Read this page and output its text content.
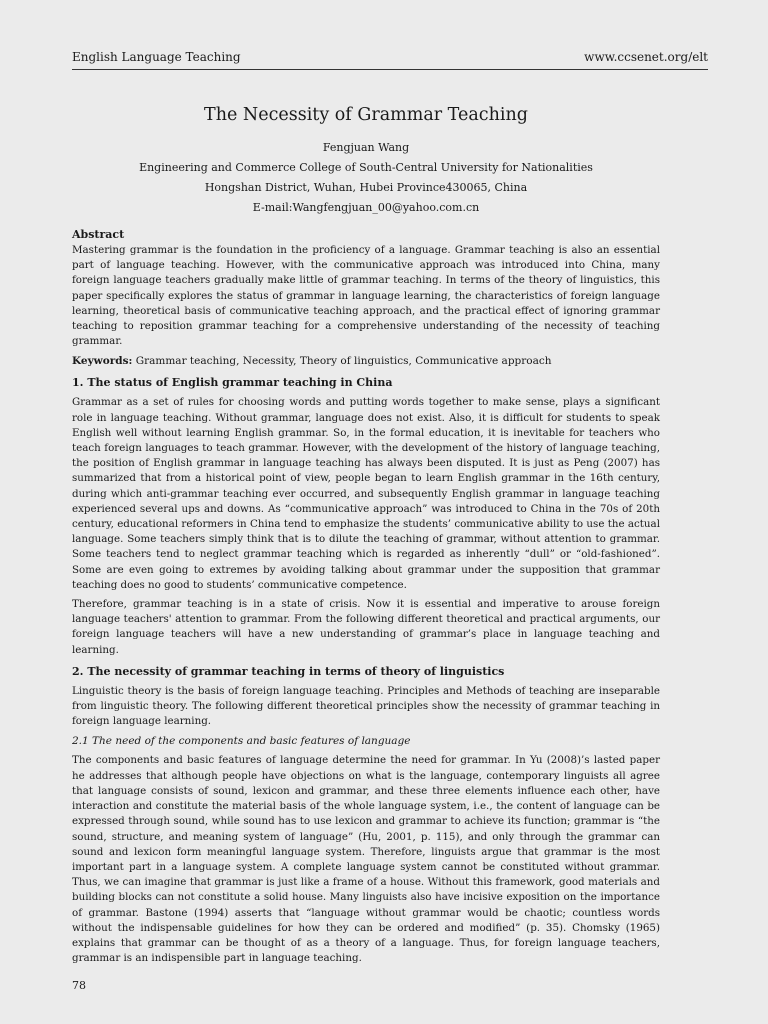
English Language Teaching	www.ccsenet.org/elt
The Necessity of Grammar Teaching
Fengjuan Wang
Engineering and Commerce College of South-Central University for Nationalities
Hongshan District, Wuhan, Hubei Province430065, China
E-mail:Wangfengjuan_00@yahoo.com.cn
Abstract

Mastering grammar is the foundation in the proficiency of a language. Grammar teaching is also an essential part of language teaching. However, with the communicative approach was introduced into China, many foreign language teachers gradually make little of grammar teaching. In terms of the theory of linguistics, this paper specifically explores the status of grammar in language learning, the characteristics of foreign language learning, theoretical basis of communicative teaching approach, and the practical effect of ignoring grammar teaching to reposition grammar teaching for a comprehensive understanding of the necessity of teaching grammar.

Keywords: Grammar teaching, Necessity, Theory of linguistics, Communicative approach
1. The status of English grammar teaching in China

Grammar as a set of rules for choosing words and putting words together to make sense, plays a significant role in language teaching. Without grammar, language does not exist. Also, it is difficult for students to speak English well without learning English grammar. So, in the formal education, it is inevitable for teachers who teach foreign languages to teach grammar. However, with the development of the history of language teaching, the position of English grammar in language teaching has always been disputed. It is just as Peng (2007) has summarized that from a historical point of view, people began to learn English grammar in the 16th century, during which anti-grammar teaching ever occurred, and subsequently English grammar in language teaching experienced several ups and downs. As “communicative approach” was introduced to China in the 70s of 20th century, educational reformers in China tend to emphasize the students’ communicative ability to use the actual language. Some teachers simply think that is to dilute the teaching of grammar, without attention to grammar. Some teachers tend to neglect grammar teaching which is regarded as inherently “dull” or “old-fashioned”. Some are even going to extremes by avoiding talking about grammar under the supposition that grammar teaching does no good to students’ communicative competence.

Therefore, grammar teaching is in a state of crisis. Now it is essential and imperative to arouse foreign language teachers' attention to grammar. From the following different theoretical and practical arguments, our foreign language teachers will have a new understanding of grammar’s place in language teaching and learning.

2. The necessity of grammar teaching in terms of theory of linguistics

Linguistic theory is the basis of foreign language teaching. Principles and Methods of teaching are inseparable from linguistic theory. The following different theoretical principles show the necessity of grammar teaching in foreign language learning.

2.1 The need of the components and basic features of language

The components and basic features of language determine the need for grammar. In Yu (2008)’s lasted paper he addresses that although people have objections on what is the language, contemporary linguists all agree that language consists of sound, lexicon and grammar, and these three elements influence each other, have interaction and constitute the material basis of the whole language system, i.e., the content of language can be expressed through sound, while sound has to use lexicon and grammar to achieve its function; grammar is “the sound, structure, and meaning system of language” (Hu, 2001, p. 115), and only through the grammar can sound and lexicon form meaningful language system. Therefore, linguists argue that grammar is the most important part in a language system. A complete language system cannot be constituted without grammar. Thus, we can imagine that grammar is just like a frame of a house. Without this framework, good materials and building blocks can not constitute a solid house. Many linguists also have incisive exposition on the importance of grammar. Bastone (1994) asserts that “language without grammar would be chaotic; countless words without the indispensable guidelines for how they can be ordered and modified” (p. 35). Chomsky (1965) explains that grammar can be thought of as a theory of a language. Thus, for foreign language teachers, grammar is an indispensible part in language teaching.

78
